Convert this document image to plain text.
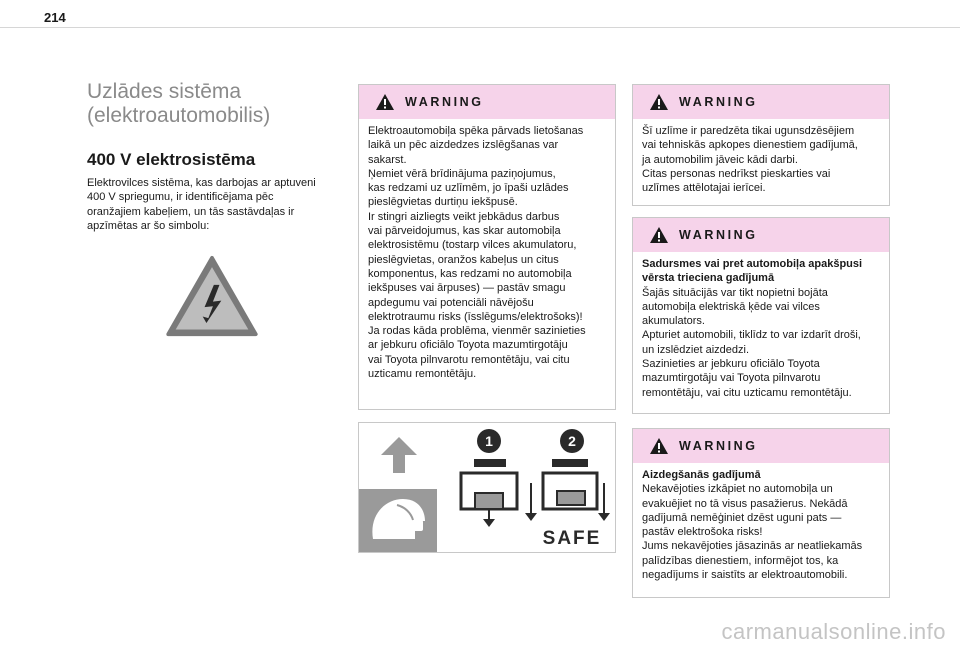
214
Uzlādes sistēma
(elektroautomobilis)
400 V elektrosistēma
Elektrovilces sistēma, kas darbojas ar aptuveni
400 V spriegumu, ir identificējama pēc
oranžajiem kabeļiem, un tās sastāvdaļas ir
apzīmētas ar šo simbolu:
WARNING
Elektroautomobiļa spēka pārvads lietošanas
laikā un pēc aizdedzes izslēgšanas var
sakarst.
Ņemiet vērā brīdinājuma paziņojumus,
kas redzami uz uzlīmēm, jo īpaši uzlādes
pieslēgvietas durtiņu iekšpusē.
Ir stingri aizliegts veikt jebkādus darbus
vai pārveidojumus, kas skar automobiļa
elektrosistēmu (tostarp vilces akumulatoru,
pieslēgvietas, oranžos kabeļus un citus
komponentus, kas redzami no automobiļa
iekšpuses vai ārpuses) — pastāv smagu
apdegumu vai potenciāli nāvējošu
elektrotraumu risks (īsslēgums/elektrošoks)!
Ja rodas kāda problēma, vienmēr sazinieties
ar jebkuru oficiālo Toyota mazumtirgotāju
vai Toyota pilnvarotu remontētāju, vai citu
uzticamu remontētāju.
1	2
SAFE
WARNING
Šī uzlīme ir paredzēta tikai ugunsdzēsējiem
vai tehniskās apkopes dienestiem gadījumā,
ja automobilim jāveic kādi darbi.
Citas personas nedrīkst pieskarties vai
uzlīmes attēlotajai ierīcei.
WARNING
Sadursmes vai pret automobiļa apakšpusi
vērsta trieciena gadījumā
Šajās situācijās var tikt nopietni bojāta
automobiļa elektriskā ķēde vai vilces
akumulators.
Apturiet automobili, tiklīdz to var izdarīt droši,
un izslēdziet aizdedzi.
Sazinieties ar jebkuru oficiālo Toyota
mazumtirgotāju vai Toyota pilnvarotu
remontētāju, vai citu uzticamu remontētāju.
WARNING
Aizdegšanās gadījumā
Nekavējoties izkāpiet no automobiļa un
evakuējiet no tā visus pasažierus. Nekādā
gadījumā nemēģiniet dzēst uguni pats —
pastāv elektrošoka risks!
Jums nekavējoties jāsazinās ar neatliekamās
palīdzības dienestiem, informējot tos, ka
negadījums ir saistīts ar elektroautomobili.
carmanualsonline.info
